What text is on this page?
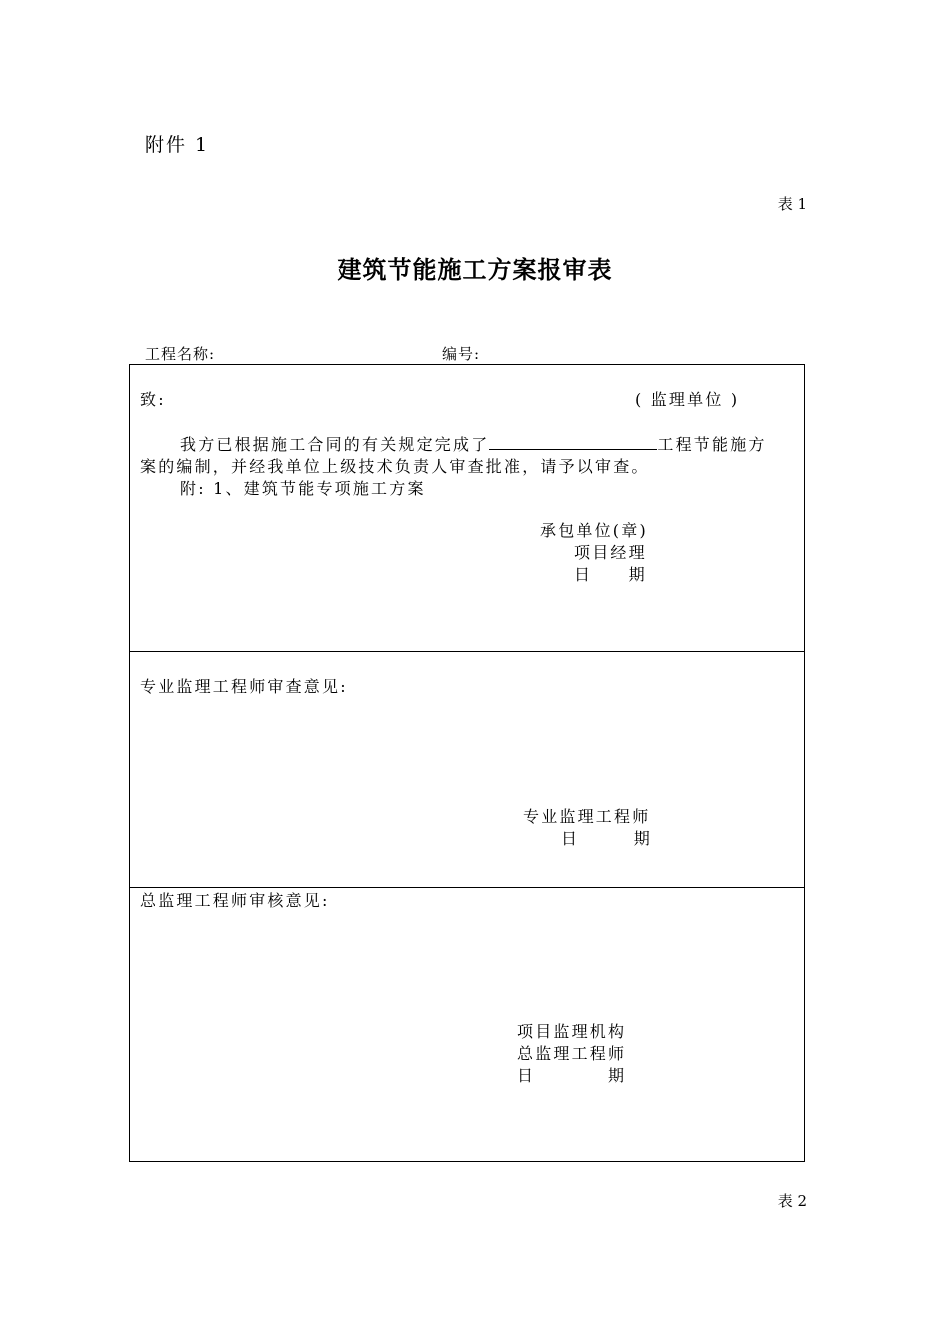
附件 1
表 1
建筑节能施工方案报审表
工程名称:	编号:
致:	( 监理单位 )
我方已根据施工合同的有关规定完成了	工程节能施方
案的编制，并经我单位上级技术负责人审查批准，请予以审查。
附: 1、建筑节能专项施工方案
承包单位(章)
项目经理
日　　期
专业监理工程师审查意见:
专业监理工程师
日　　　期
总监理工程师审核意见:
项目监理机构
总监理工程师
日　　　　期
表 2
